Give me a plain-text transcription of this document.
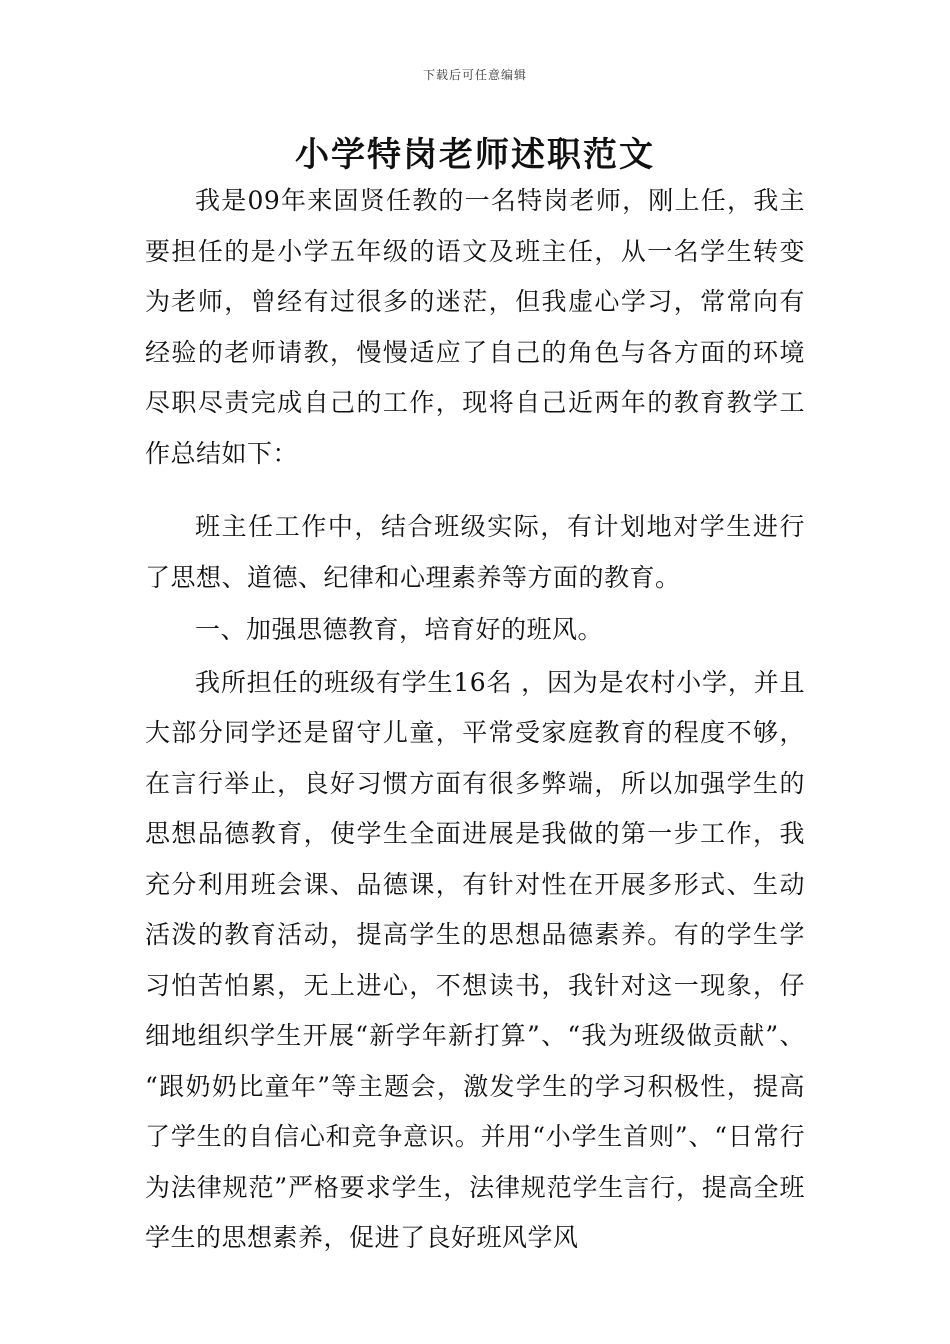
下载后可任意编辑
小学特岗老师述职范文

我是09年来固贤任教的一名特岗老师，刚上任，我主要担任的是小学五年级的语文及班主任，从一名学生转变为老师，曾经有过很多的迷茫，但我虚心学习，常常向有经验的老师请教，慢慢适应了自己的角色与各方面的环境尽职尽责完成自己的工作，现将自己近两年的教育教学工作总结如下：

班主任工作中，结合班级实际，有计划地对学生进行了思想、道德、纪律和心理素养等方面的教育。

一、加强思德教育，培育好的班风。

我所担任的班级有学生16名 ，因为是农村小学，并且大部分同学还是留守儿童，平常受家庭教育的程度不够，在言行举止，良好习惯方面有很多弊端，所以加强学生的思想品德教育，使学生全面进展是我做的第一步工作，我充分利用班会课、品德课，有针对性在开展多形式、生动活泼的教育活动，提高学生的思想品德素养。有的学生学习怕苦怕累，无上进心，不想读书，我针对这一现象，仔细地组织学生开展“新学年新打算”、“我为班级做贡献”、 “跟奶奶比童年”等主题会，激发学生的学习积极性，提高了学生的自信心和竞争意识。并用“小学生首则”、“日常行为法律规范”严格要求学生，法律规范学生言行，提高全班学生的思想素养，促进了良好班风学风
